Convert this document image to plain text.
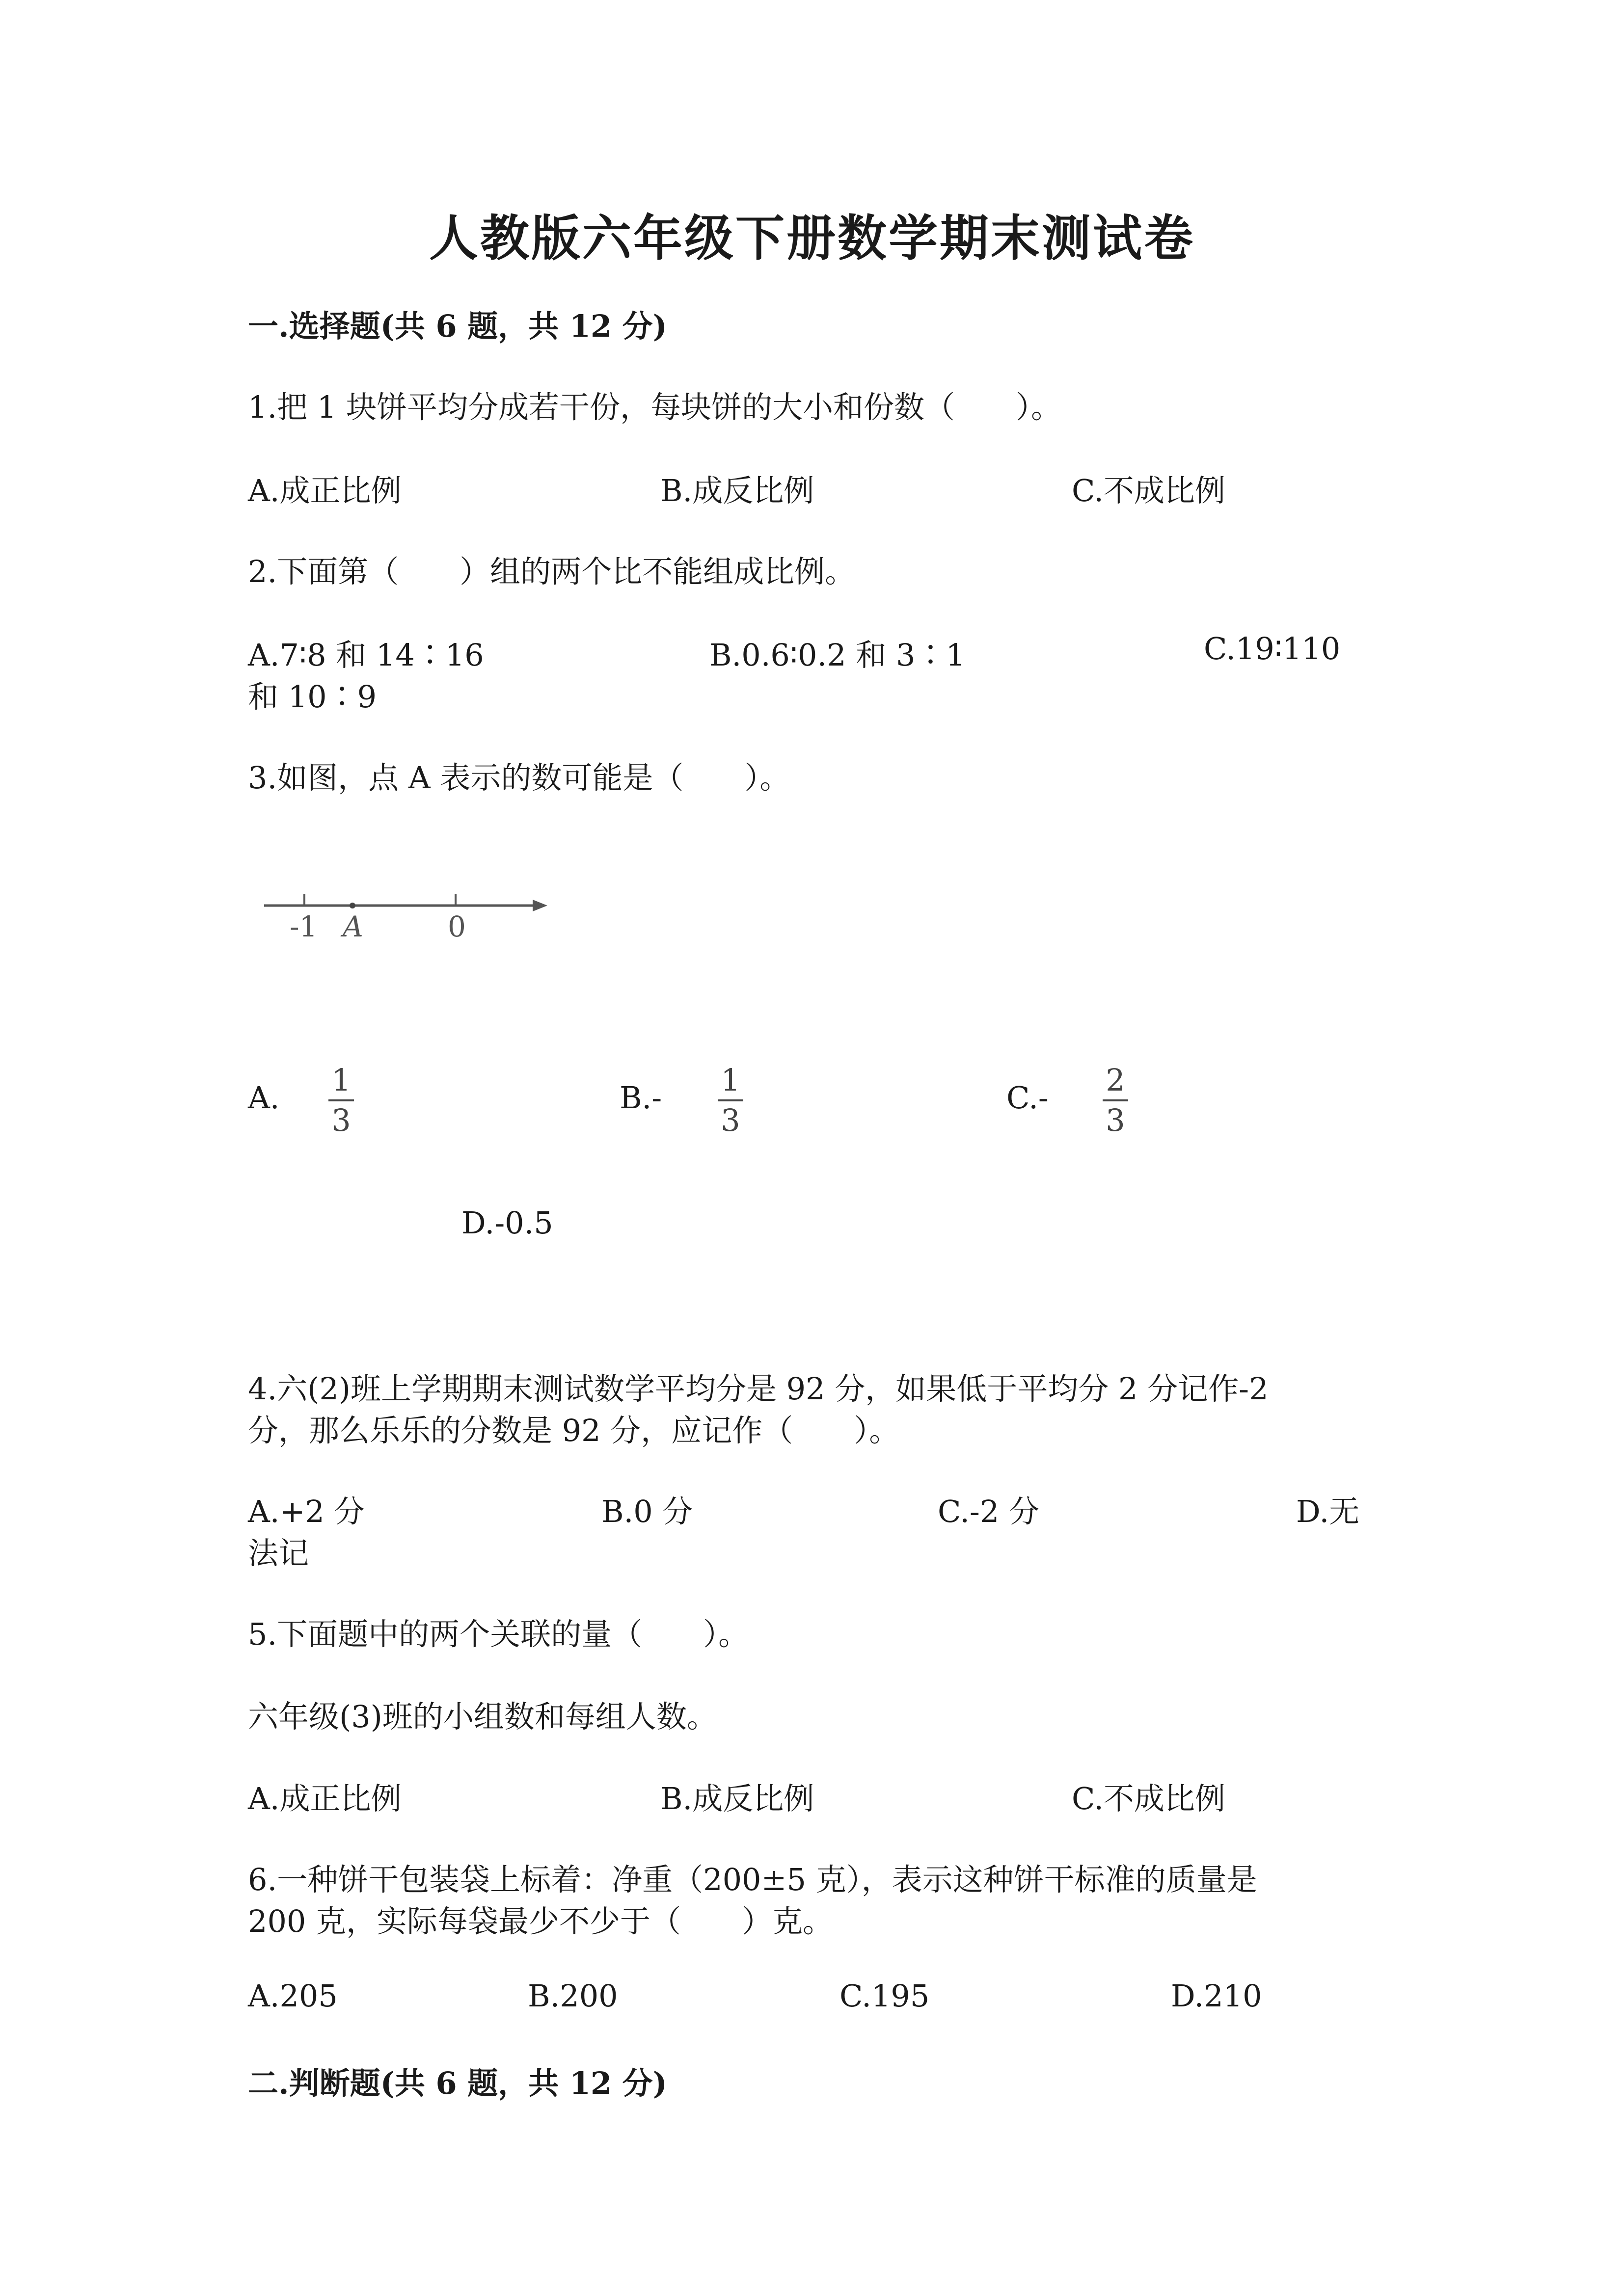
人教版六年级下册数学期末测试卷
一.选择题(共 6 题，共 12 分)
1.把 1 块饼平均分成若干份，每块饼的大小和份数（　　）。
A.成正比例	B.成反比例	C.不成比例
2.下面第（　　）组的两个比不能组成比例。
A.7∶8 和 14∶16	B.0.6∶0.2 和 3∶1	C.19∶110
和 10∶9
3.如图，点 A 表示的数可能是（　　）。
-1 A	0
A. 1
3
B.- 1
3
C.- 2
3
D.-0.5
4.六(2)班上学期期末测试数学平均分是 92 分，如果低于平均分 2 分记作-2
分，那么乐乐的分数是 92 分，应记作（　　）。
A.+2 分	B.0 分	C.-2 分	D.无
法记
5.下面题中的两个关联的量（　　）。
六年级(3)班的小组数和每组人数。
A.成正比例	B.成反比例	C.不成比例
6.一种饼干包装袋上标着：净重（200±5 克），表示这种饼干标准的质量是
200 克，实际每袋最少不少于（　　）克。
A.205	B.200	C.195	D.210
二.判断题(共 6 题，共 12 分)
